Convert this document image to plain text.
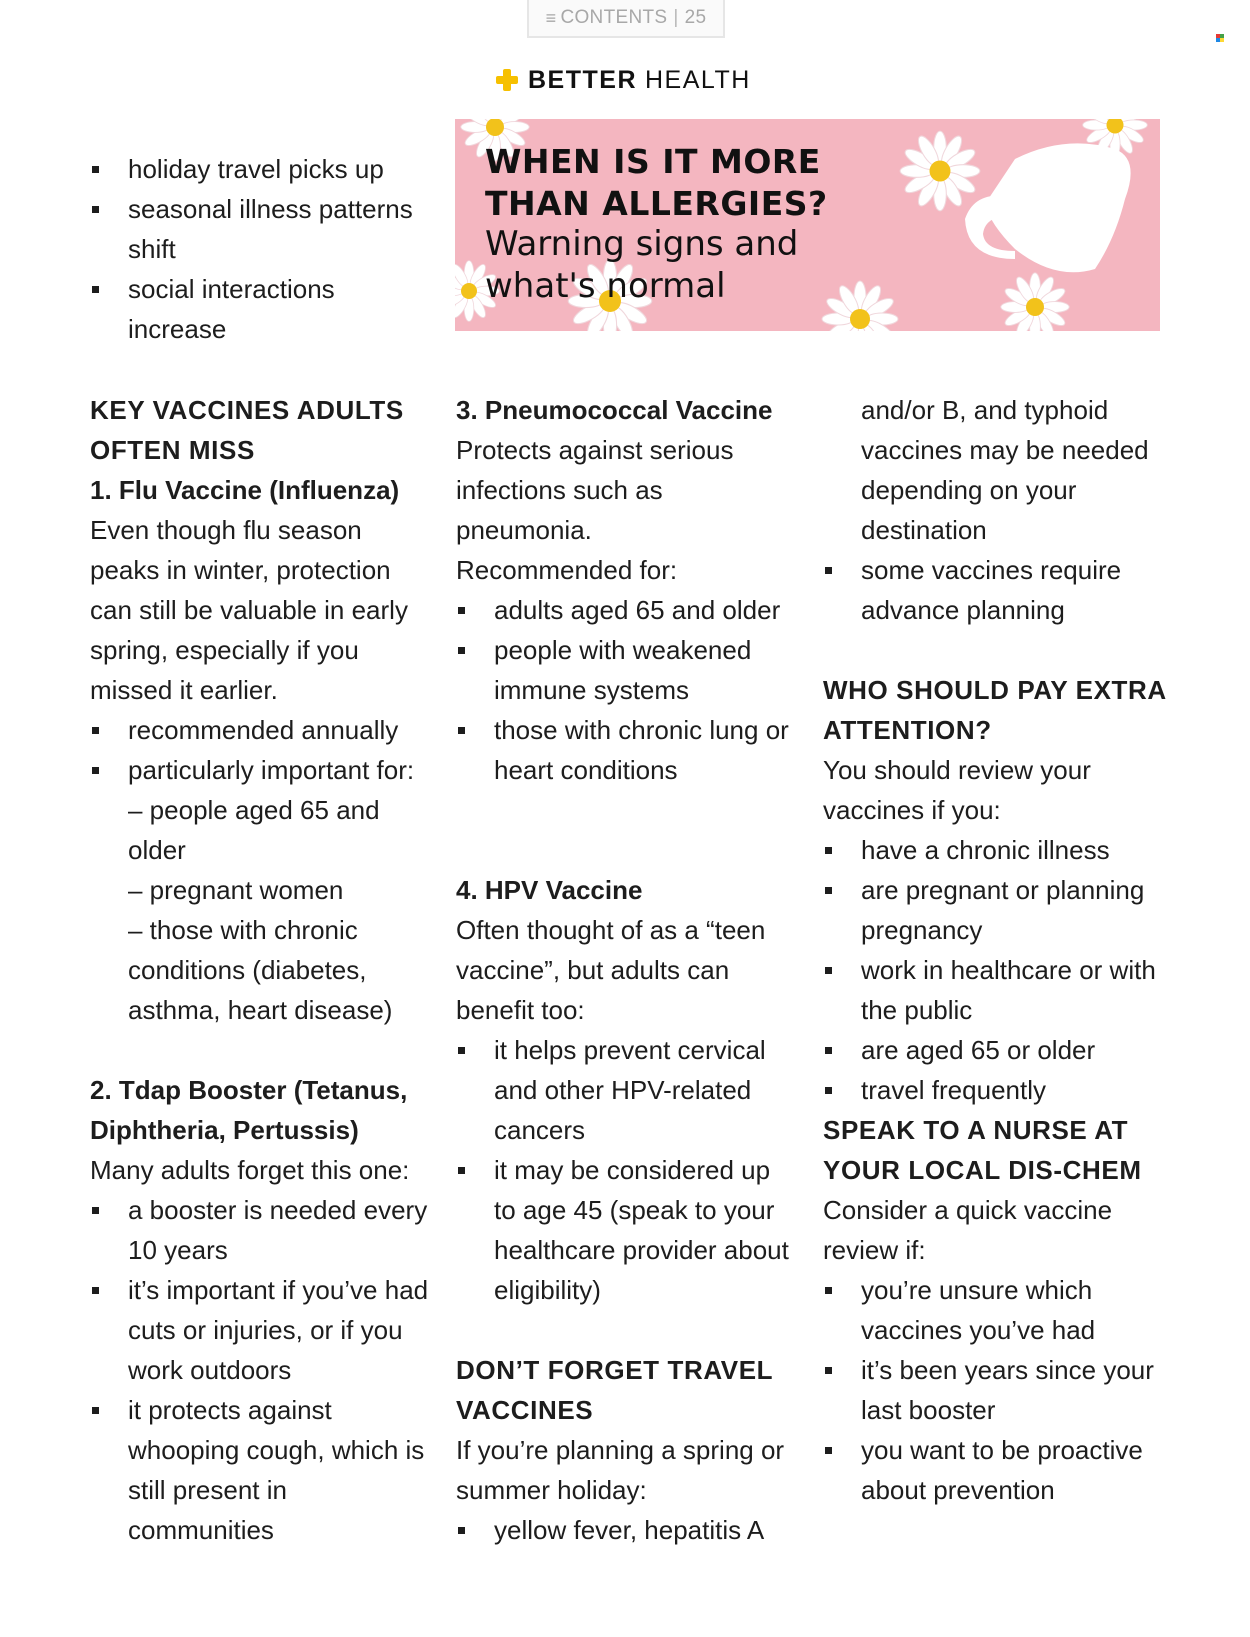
≡ CONTENTS | 25
BETTER HEALTH
WHEN IS IT MORE
THAN ALLERGIES?
Warning signs and
what's normal
holiday travel picks up
seasonal illness patterns shift
social interactions increase
KEY VACCINES ADULTS OFTEN MISS
1. Flu Vaccine (Influenza)
Even though flu season peaks in winter, protection can still be valuable in early spring, especially if you missed it earlier.
recommended annually
particularly important for:
– people aged 65 and older
– pregnant women
– those with chronic conditions (diabetes, asthma, heart disease)
2. Tdap Booster (Tetanus, Diphtheria, Pertussis)
Many adults forget this one:
a booster is needed every 10 years
it’s important if you’ve had cuts or injuries, or if you work outdoors
it protects against whooping cough, which is still present in communities
3. Pneumococcal Vaccine
Protects against serious infections such as pneumonia.
Recommended for:
adults aged 65 and older
people with weakened immune systems
those with chronic lung or heart conditions
4. HPV Vaccine
Often thought of as a “teen vaccine”, but adults can benefit too:
it helps prevent cervical and other HPV-related cancers
it may be considered up to age 45 (speak to your healthcare provider about eligibility)
DON’T FORGET TRAVEL VACCINES
If you’re planning a spring or summer holiday:
yellow fever, hepatitis A
and/or B, and typhoid vaccines may be needed depending on your destination
some vaccines require advance planning
WHO SHOULD PAY EXTRA ATTENTION?
You should review your vaccines if you:
have a chronic illness
are pregnant or planning pregnancy
work in healthcare or with the public
are aged 65 or older
travel frequently
SPEAK TO A NURSE AT YOUR LOCAL DIS-CHEM
Consider a quick vaccine review if:
you’re unsure which vaccines you’ve had
it’s been years since your last booster
you want to be proactive about prevention
